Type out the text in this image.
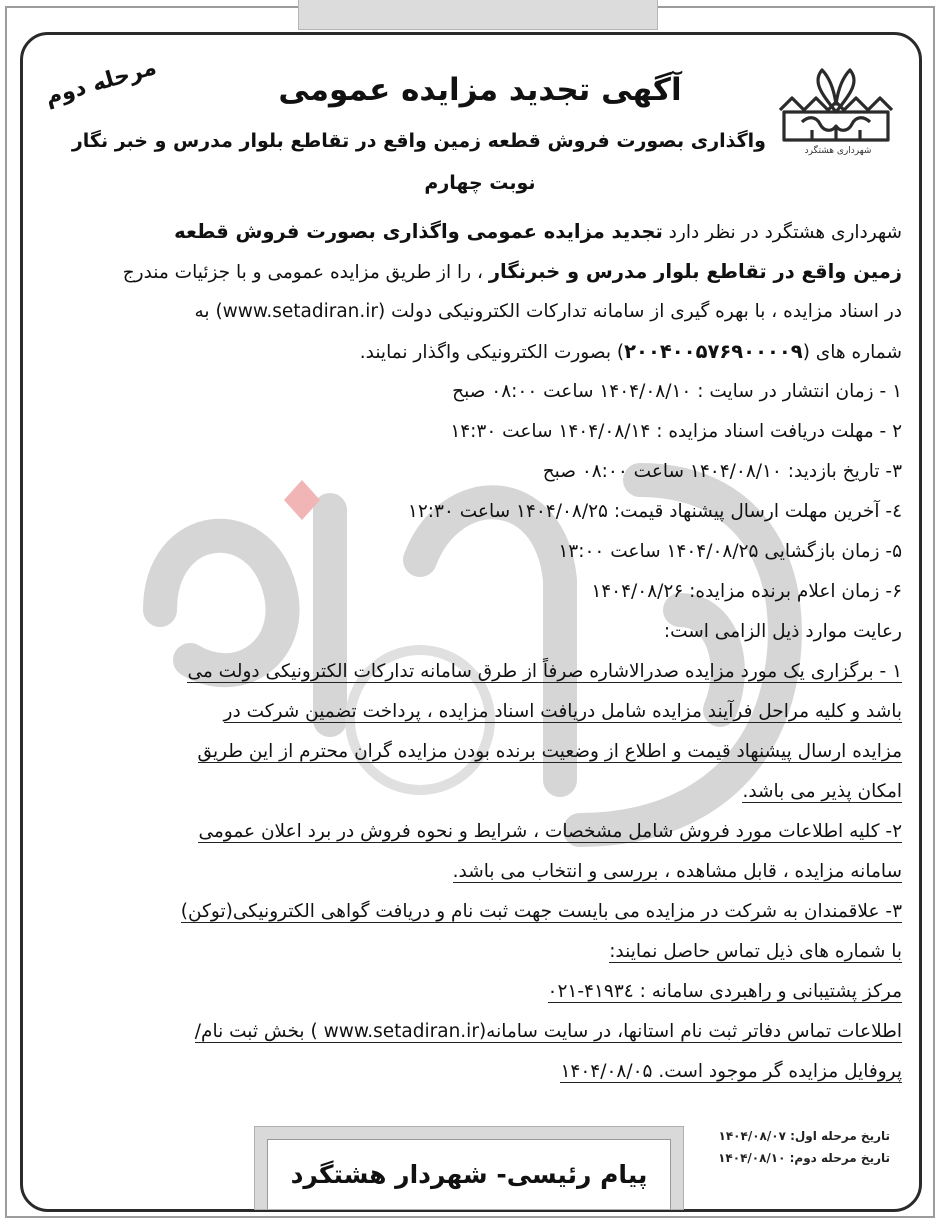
شهرداری هشتگرد
مرحله دوم	آگهی تجدید مزایده عمومی
واگذاری بصورت فروش قطعه زمین واقع در تقاطع بلوار مدرس و خبر نگار
نوبت چهارم
شهرداری هشتگرد در نظر دارد تجدید مزایده عمومی واگذاری بصورت فروش قطعه
زمین واقع در تقاطع بلوار مدرس و خبرنگار ، را از طریق مزایده عمومی و با جزئیات مندرج
در اسناد مزایده ، با بهره گیری از سامانه تدارکات الکترونیکی دولت (www.setadiran.ir) به
شماره های (۲۰۰۴۰۰۵۷۶۹۰۰۰۰۹) بصورت الکترونیکی واگذار نمایند.
۱ - زمان انتشار در سایت : ۱۴۰۴/۰۸/۱۰ ساعت ۰۸:۰۰ صبح
۲ - مهلت دریافت اسناد مزایده : ۱۴۰۴/۰۸/۱۴ ساعت ۱۴:۳۰
۳- تاریخ بازدید: ۱۴۰۴/۰۸/۱۰ ساعت ۰۸:۰۰ صبح
٤- آخرین مهلت ارسال پیشنهاد قیمت: ۱۴۰۴/۰۸/۲۵ ساعت ۱۲:۳۰
۵- زمان بازگشایی ۱۴۰۴/۰۸/۲۵ ساعت ۱۳:۰۰
۶- زمان اعلام برنده مزایده: ۱۴۰۴/۰۸/۲۶
رعایت موارد ذیل الزامی است:
۱ - برگزاری یک مورد مزایده صدرالاشاره صرفاً از طرق سامانه تدارکات الکترونیکی دولت می
باشد و کلیه مراحل فرآیند مزایده شامل دریافت اسناد مزایده ، پرداخت تضمین شرکت در
مزایده ارسال پیشنهاد قیمت و اطلاع از وضعیت برنده بودن مزایده گران محترم از این طریق
امکان پذیر می باشد.
۲- کلیه اطلاعات مورد فروش شامل مشخصات ، شرایط و نحوه فروش در برد اعلان عمومی
سامانه مزایده ، قابل مشاهده ، بررسی و انتخاب می باشد.
۳- علاقمندان به شرکت در مزایده می بایست جهت ثبت نام و دریافت گواهی الکترونیکی(توکن)
با شماره های ذیل تماس حاصل نمایند:
مرکز پشتیبانی و راهبردی سامانه : ۴۱۹۳٤-۰۲۱
اطلاعات تماس دفاتر ثبت نام استانها، در سایت سامانه(www.setadiran.ir ) بخش ثبت نام/
پروفایل مزایده گر موجود است. ۱۴۰۴/۰۸/۰۵
تاریخ مرحله اول: ۱۴۰۴/۰۸/۰۷
تاریخ مرحله دوم: ۱۴۰۴/۰۸/۱۰
پیام رئیسی- شهردار هشتگرد
